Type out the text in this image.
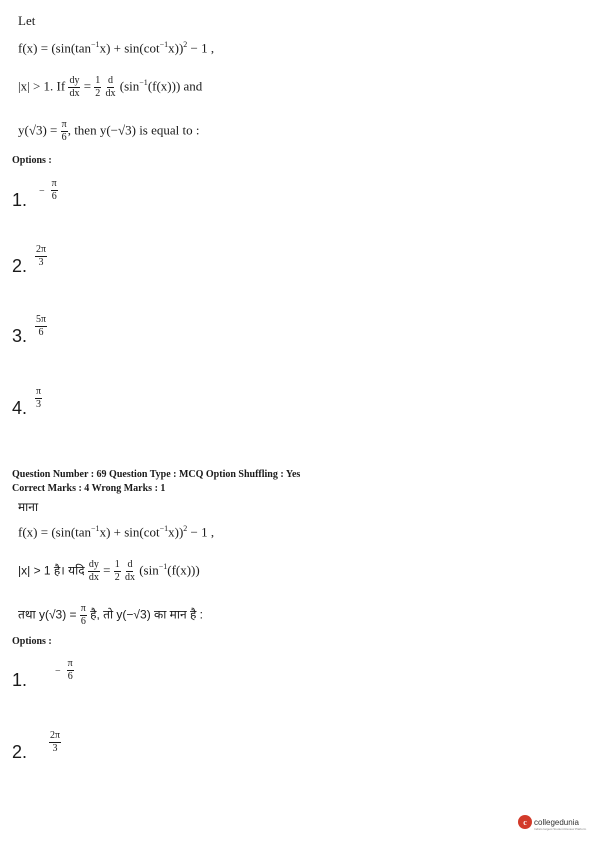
Let
$f(x) = (\sin(\tan^{-1}x) + \sin(\cot^{-1}x))^2 - 1$ ,
|x| > 1. If $\frac{dy}{dx} = \frac{1}{2}$
$\frac{d}{dx} (\sin^{-1}(f(x)))$ and
$y(√3) = \frac{\pi}{6}$ , then y(−√3) is equal to :
Options :
1. − $\frac{\pi}{6}$
2. $\frac{2\pi}{3}$
3. $\frac{5\pi}{6}$
4. $\frac{\pi}{3}$
Question Number : 69 Question Type : MCQ Option Shuffling : Yes
Correct Marks : 4 Wrong Marks : 1
माना
$f(x) = (\sin(\tan^{-1}x) + \sin(\cot^{-1}x))^2 - 1$ ,
|x| > 1 है। यदि $\frac{dy}{dx} = \frac{1}{2}$
$\frac{d}{dx} (\sin^{-1}(f(x)))$
तथा $y(√3) = \frac{\pi}{6}$ है, तो y(−√3) का मान है :
Options :
1.	− $\frac{\pi}{6}$
2. $\frac{2\pi}{3}$
c collegedunia
India's largest Student Review Platform
